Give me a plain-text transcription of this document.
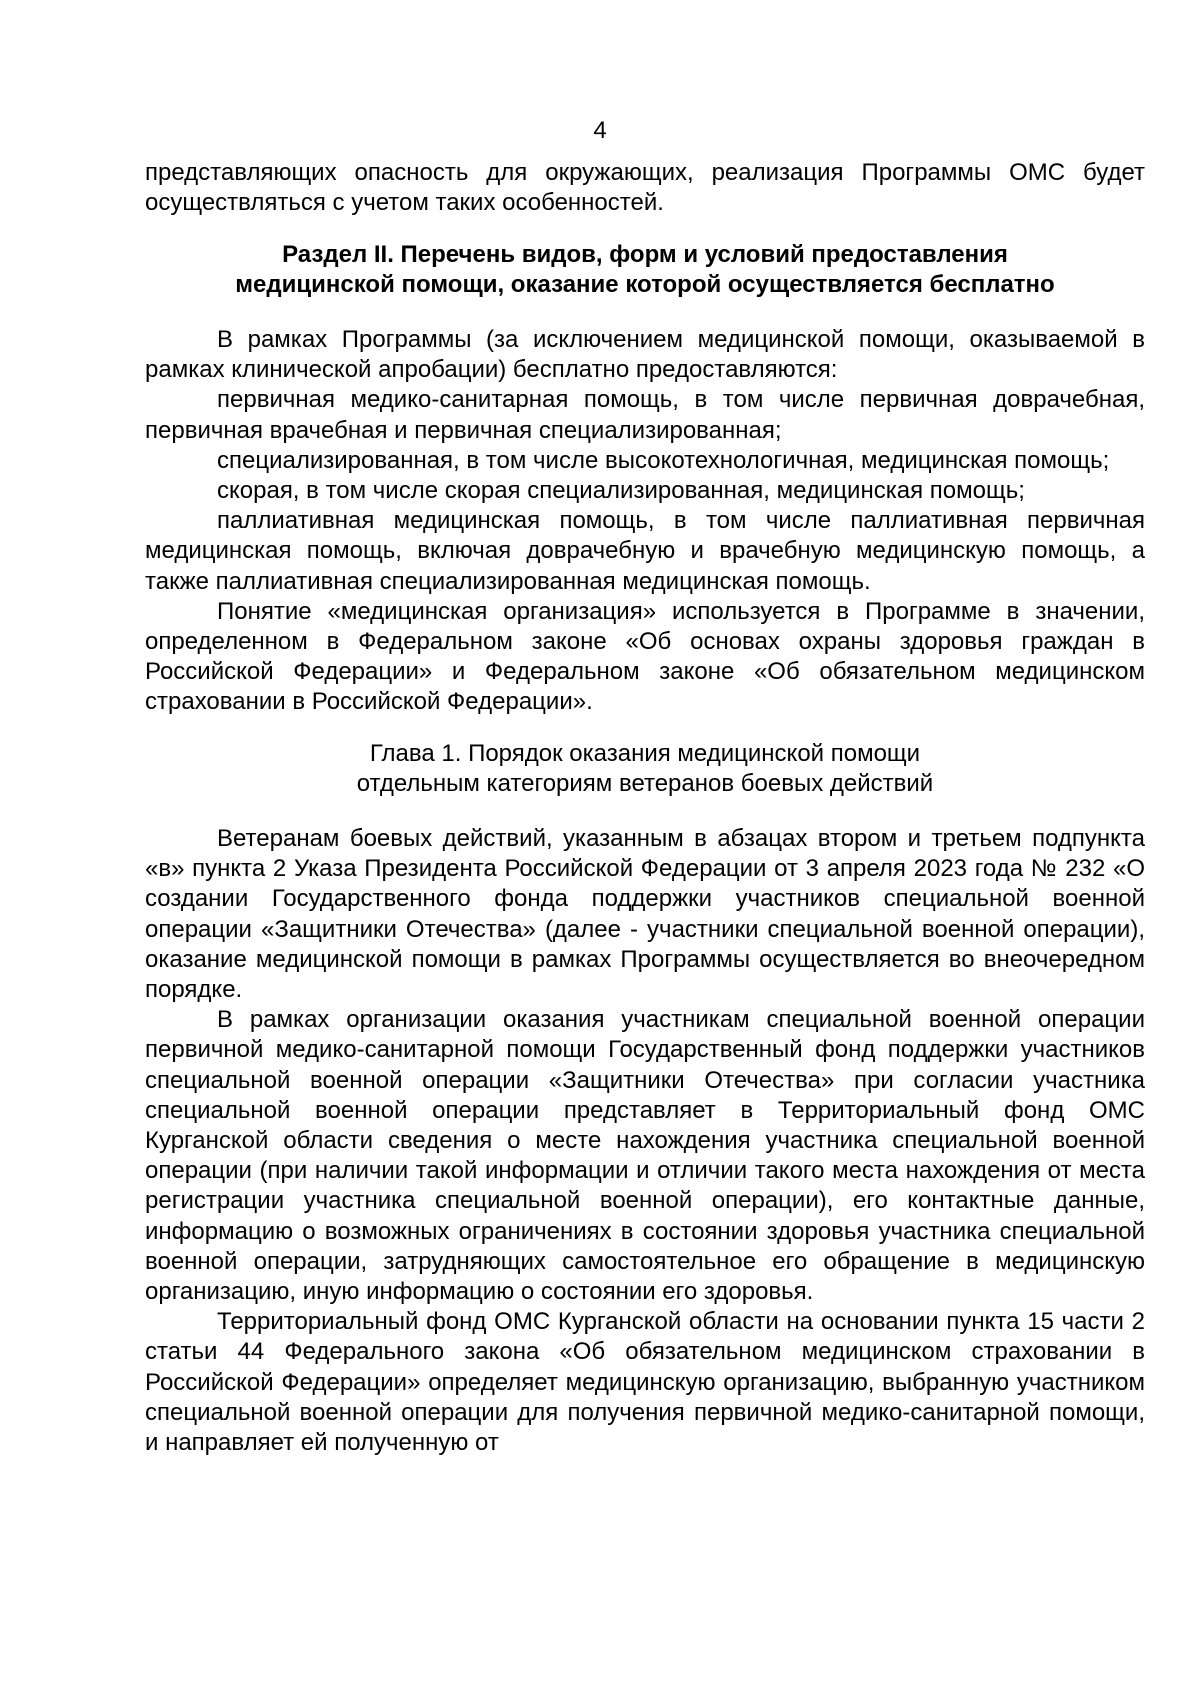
4

представляющих опасность для окружающих, реализация Программы ОМС будет осуществляться с учетом таких особенностей.

Раздел II. Перечень видов, форм и условий предоставления
медицинской помощи, оказание которой осуществляется бесплатно

В рамках Программы (за исключением медицинской помощи, оказываемой в рамках клинической апробации) бесплатно предоставляются:

первичная медико-санитарная помощь, в том числе первичная доврачебная, первичная врачебная и первичная специализированная;

специализированная, в том числе высокотехнологичная, медицинская помощь;

скорая, в том числе скорая специализированная, медицинская помощь;

паллиативная медицинская помощь, в том числе паллиативная первичная медицинская помощь, включая доврачебную и врачебную медицинскую помощь, а также паллиативная специализированная медицинская помощь.

Понятие «медицинская организация» используется в Программе в значении, определенном в Федеральном законе «Об основах охраны здоровья граждан в Российской Федерации» и Федеральном законе «Об обязательном медицинском страховании в Российской Федерации».

Глава 1. Порядок оказания медицинской помощи
отдельным категориям ветеранов боевых действий

Ветеранам боевых действий, указанным в абзацах втором и третьем подпункта «в» пункта 2 Указа Президента Российской Федерации от 3 апреля 2023 года № 232 «О создании Государственного фонда поддержки участников специальной военной операции «Защитники Отечества» (далее - участники специальной военной операции), оказание медицинской помощи в рамках Программы осуществляется во внеочередном порядке.

В рамках организации оказания участникам специальной военной операции первичной медико-санитарной помощи Государственный фонд поддержки участников специальной военной операции «Защитники Отечества» при согласии участника специальной военной операции представляет в Территориальный фонд ОМС Курганской области сведения о месте нахождения участника специальной военной операции (при наличии такой информации и отличии такого места нахождения от места регистрации участника специальной военной операции), его контактные данные, информацию о возможных ограничениях в состоянии здоровья участника специальной военной операции, затрудняющих самостоятельное его обращение в медицинскую организацию, иную информацию о состоянии его здоровья.

Территориальный фонд ОМС Курганской области на основании пункта 15 части 2 статьи 44 Федерального закона «Об обязательном медицинском страховании в Российской Федерации» определяет медицинскую организацию, выбранную участником специальной военной операции для получения первичной медико-санитарной помощи, и направляет ей полученную от
